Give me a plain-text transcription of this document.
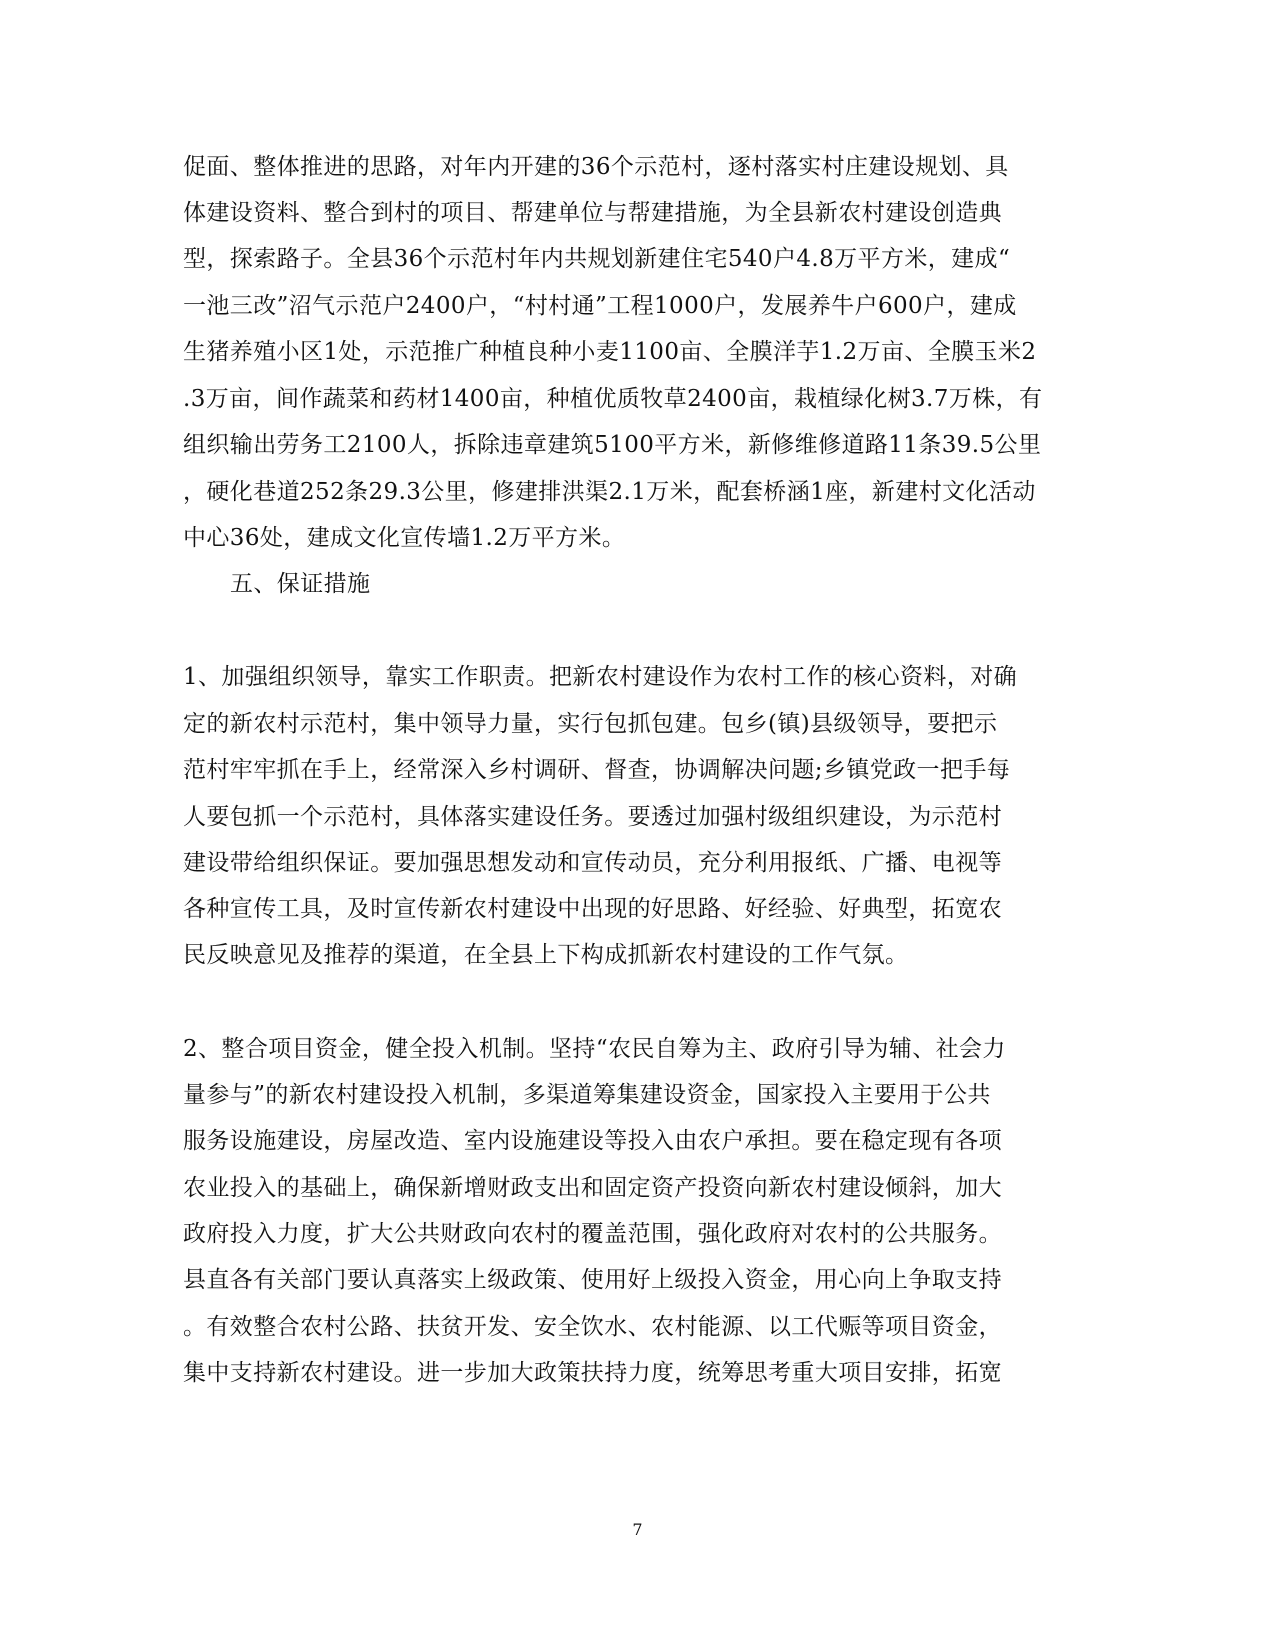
促面、整体推进的思路，对年内开建的36个示范村，逐村落实村庄建设规划、具
体建设资料、整合到村的项目、帮建单位与帮建措施，为全县新农村建设创造典
型，探索路子。全县36个示范村年内共规划新建住宅540户4.8万平方米，建成“
一池三改”沼气示范户2400户，“村村通”工程1000户，发展养牛户600户，建成
生猪养殖小区1处，示范推广种植良种小麦1100亩、全膜洋芋1.2万亩、全膜玉米2
.3万亩，间作蔬菜和药材1400亩，种植优质牧草2400亩，栽植绿化树3.7万株，有
组织输出劳务工2100人，拆除违章建筑5100平方米，新修维修道路11条39.5公里
，硬化巷道252条29.3公里，修建排洪渠2.1万米，配套桥涵1座，新建村文化活动
中心36处，建成文化宣传墙1.2万平方米。
五、保证措施
1、加强组织领导，靠实工作职责。把新农村建设作为农村工作的核心资料，对确
定的新农村示范村，集中领导力量，实行包抓包建。包乡(镇)县级领导，要把示
范村牢牢抓在手上，经常深入乡村调研、督查，协调解决问题;乡镇党政一把手每
人要包抓一个示范村，具体落实建设任务。要透过加强村级组织建设，为示范村
建设带给组织保证。要加强思想发动和宣传动员，充分利用报纸、广播、电视等
各种宣传工具，及时宣传新农村建设中出现的好思路、好经验、好典型，拓宽农
民反映意见及推荐的渠道，在全县上下构成抓新农村建设的工作气氛。
2、整合项目资金，健全投入机制。坚持“农民自筹为主、政府引导为辅、社会力
量参与”的新农村建设投入机制，多渠道筹集建设资金，国家投入主要用于公共
服务设施建设，房屋改造、室内设施建设等投入由农户承担。要在稳定现有各项
农业投入的基础上，确保新增财政支出和固定资产投资向新农村建设倾斜，加大
政府投入力度，扩大公共财政向农村的覆盖范围，强化政府对农村的公共服务。
县直各有关部门要认真落实上级政策、使用好上级投入资金，用心向上争取支持
。有效整合农村公路、扶贫开发、安全饮水、农村能源、以工代赈等项目资金，
集中支持新农村建设。进一步加大政策扶持力度，统筹思考重大项目安排，拓宽
7
